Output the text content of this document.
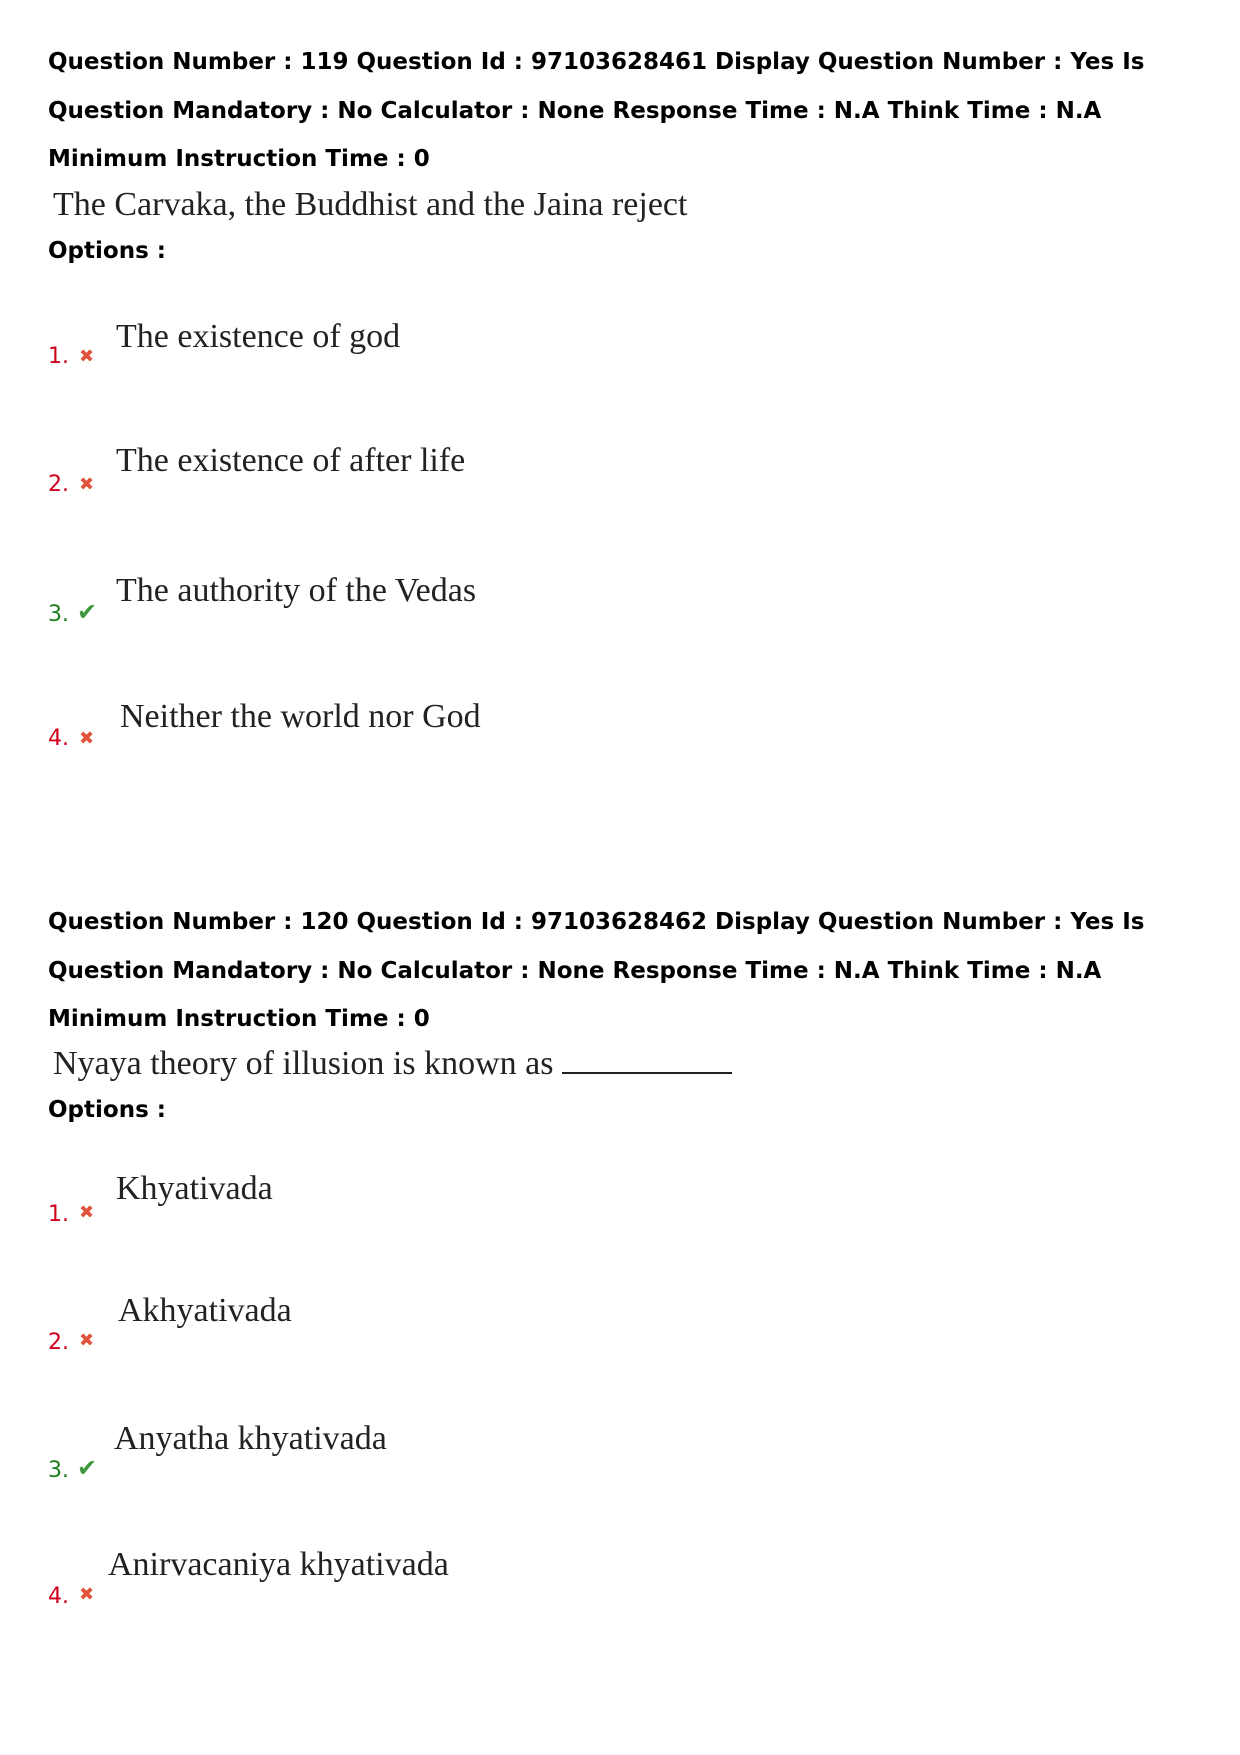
Question Number : 119 Question Id : 97103628461 Display Question Number : Yes Is Question Mandatory : No Calculator : None Response Time : N.A Think Time : N.A Minimum Instruction Time : 0

The Carvaka, the Buddhist and the Jaina reject

Options :

1. ✖
The existence of god
2. ✖
The existence of after life
3. ✔
The authority of the Vedas
4. ✖
Neither the world nor God

Question Number : 120 Question Id : 97103628462 Display Question Number : Yes Is Question Mandatory : No Calculator : None Response Time : N.A Think Time : N.A Minimum Instruction Time : 0

Nyaya theory of illusion is known as

Options :

1. ✖
Khyativada
2. ✖
Akhyativada
3. ✔
Anyatha khyativada
4. ✖
Anirvacaniya khyativada
